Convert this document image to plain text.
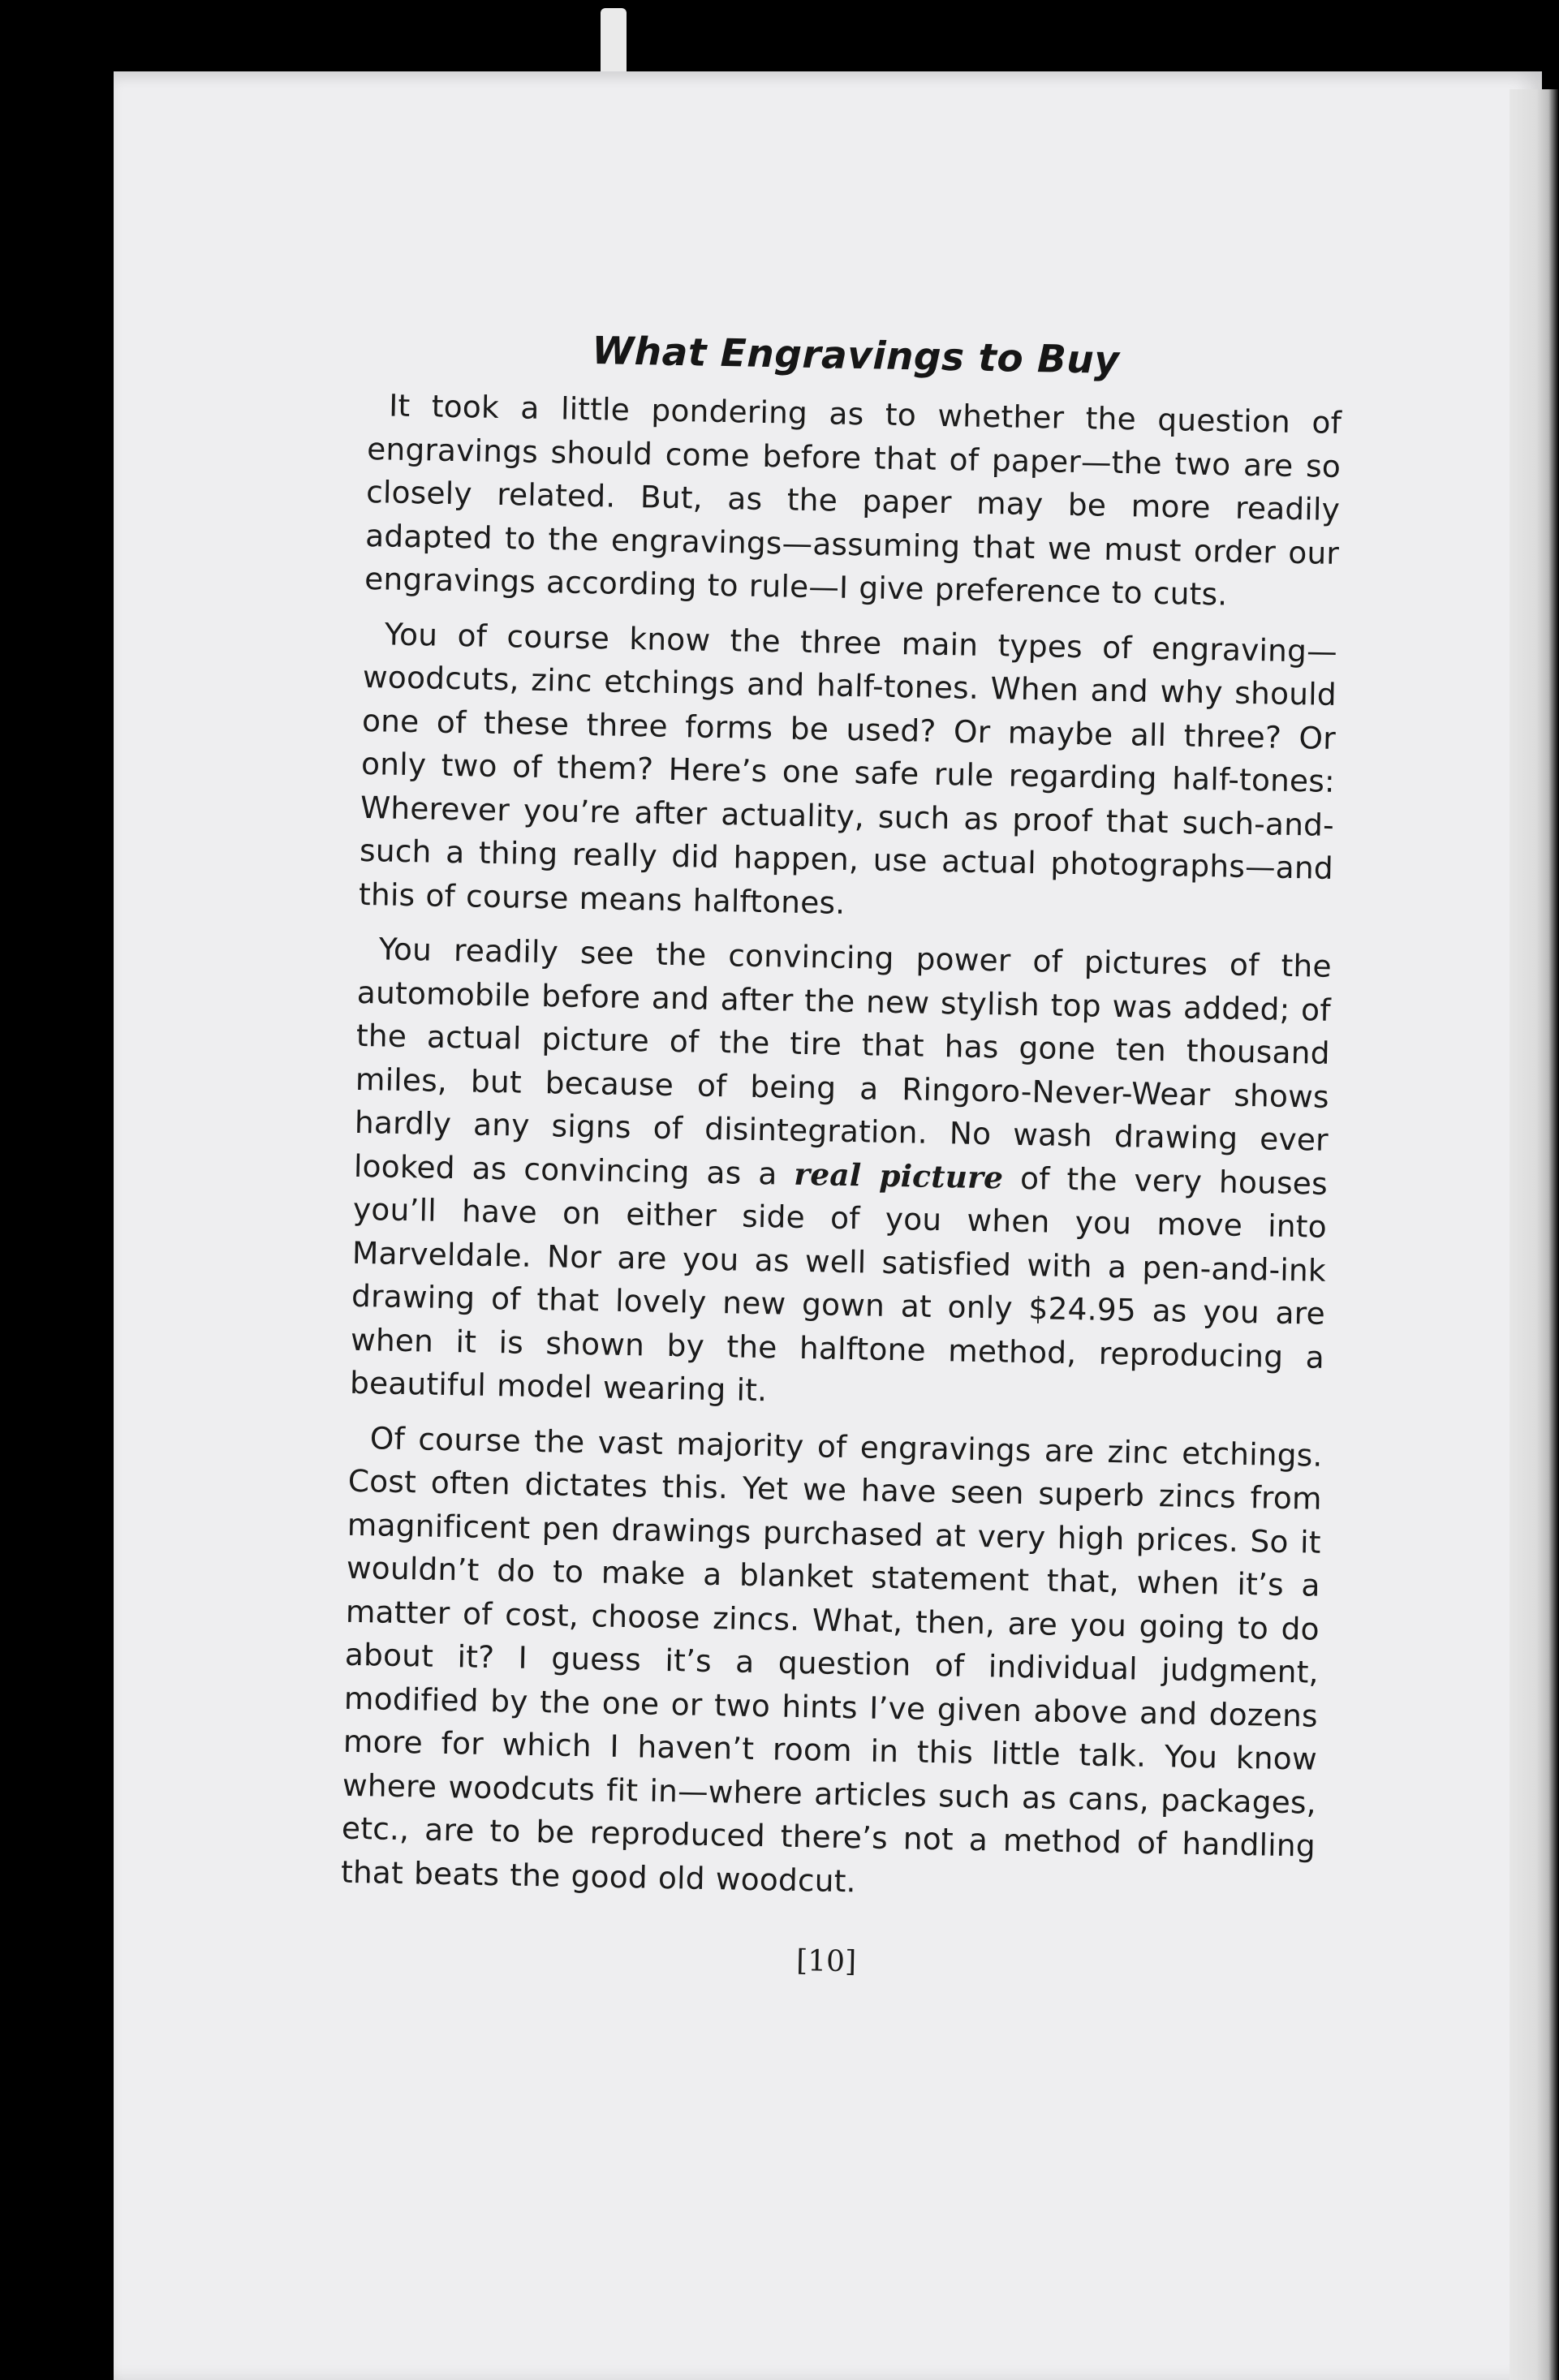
What Engravings to Buy

It took a little pondering as to whether the question of engravings should come before that of paper—the two are so closely related. But, as the paper may be more readily adapted to the engravings—assuming that we must order our engravings according to rule—I give preference to cuts.

You of course know the three main types of engraving—woodcuts, zinc etchings and half-tones. When and why should one of these three forms be used? Or maybe all three? Or only two of them? Here’s one safe rule regarding half-tones: Wherever you’re after actuality, such as proof that such-and-such a thing really did happen, use actual photographs—and this of course means halftones.

You readily see the convincing power of pictures of the automobile before and after the new stylish top was added; of the actual picture of the tire that has gone ten thousand miles, but because of being a Ringoro-Never-Wear shows hardly any signs of disintegration. No wash drawing ever looked as convincing as a real picture of the very houses you’ll have on either side of you when you move into Marveldale. Nor are you as well satisfied with a pen-and-ink drawing of that lovely new gown at only $24.95 as you are when it is shown by the halftone method, reproducing a beautiful model wearing it.

Of course the vast majority of engravings are zinc etchings. Cost often dictates this. Yet we have seen superb zincs from magnificent pen drawings purchased at very high prices. So it wouldn’t do to make a blanket statement that, when it’s a matter of cost, choose zincs. What, then, are you going to do about it? I guess it’s a question of individual judgment, modified by the one or two hints I’ve given above and dozens more for which I haven’t room in this little talk. You know where woodcuts fit in—where articles such as cans, packages, etc., are to be reproduced there’s not a method of handling that beats the good old woodcut.

[10]
